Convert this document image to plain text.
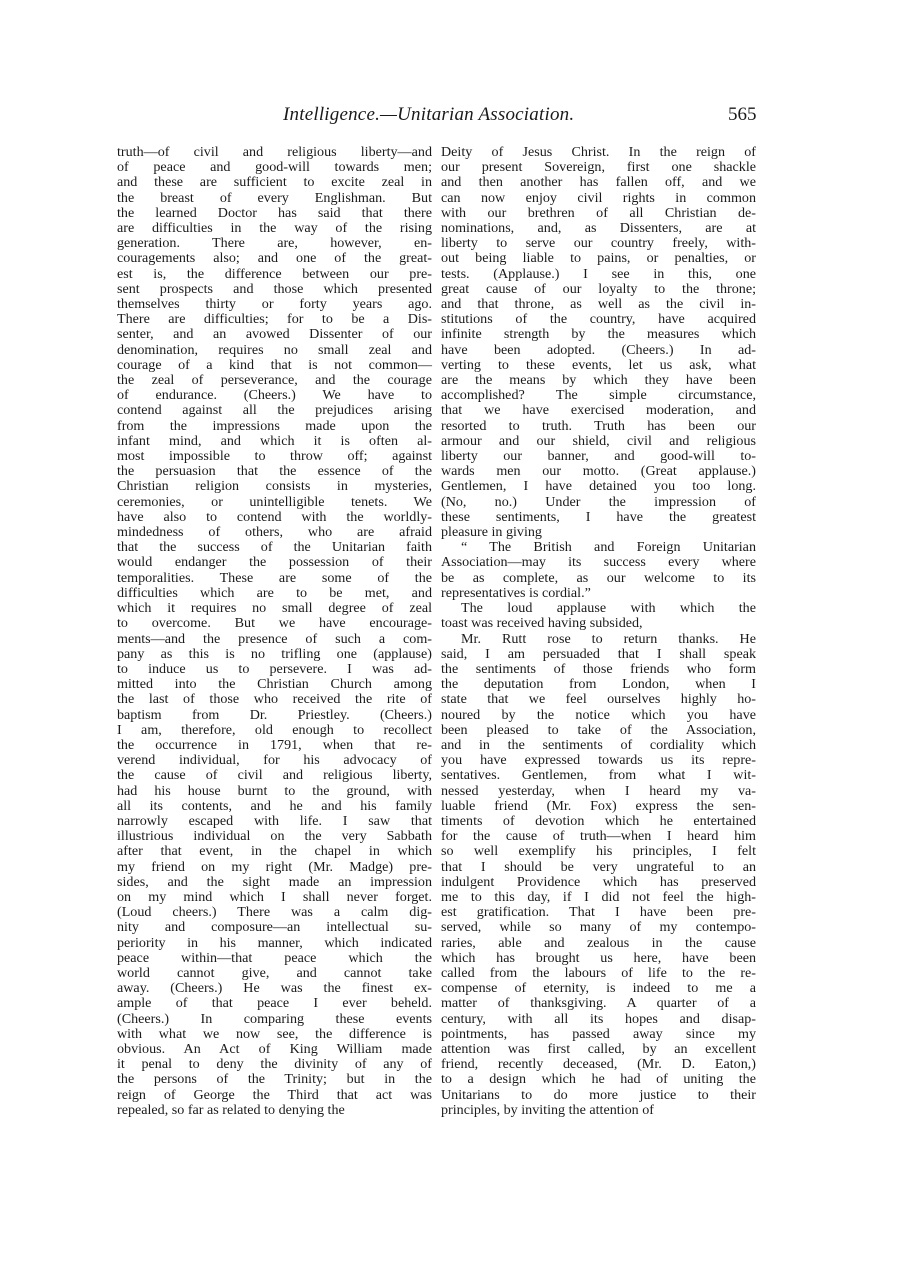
Intelligence.—Unitarian Association.	565

truth—of civil and religious liberty—and

of peace and good-will towards men;

and these are sufficient to excite zeal in

the breast of every Englishman. But

the learned Doctor has said that there

are difficulties in the way of the rising

generation. There are, however, en-

couragements also; and one of the great-

est is, the difference between our pre-

sent prospects and those which presented

themselves thirty or forty years ago.

There are difficulties; for to be a Dis-

senter, and an avowed Dissenter of our

denomination, requires no small zeal and

courage of a kind that is not common—

the zeal of perseverance, and the courage

of endurance. (Cheers.) We have to

contend against all the prejudices arising

from the impressions made upon the

infant mind, and which it is often al-

most impossible to throw off; against

the persuasion that the essence of the

Christian religion consists in mysteries,

ceremonies, or unintelligible tenets. We

have also to contend with the worldly-

mindedness of others, who are afraid

that the success of the Unitarian faith

would endanger the possession of their

temporalities. These are some of the

difficulties which are to be met, and

which it requires no small degree of zeal

to overcome. But we have encourage-

ments—and the presence of such a com-

pany as this is no trifling one (applause)

to induce us to persevere. I was ad-

mitted into the Christian Church among

the last of those who received the rite of

baptism from Dr. Priestley. (Cheers.)

I am, therefore, old enough to recollect

the occurrence in 1791, when that re-

verend individual, for his advocacy of

the cause of civil and religious liberty,

had his house burnt to the ground, with

all its contents, and he and his family

narrowly escaped with life. I saw that

illustrious individual on the very Sabbath

after that event, in the chapel in which

my friend on my right (Mr. Madge) pre-

sides, and the sight made an impression

on my mind which I shall never forget.

(Loud cheers.) There was a calm dig-

nity and composure—an intellectual su-

periority in his manner, which indicated

peace within—that peace which the

world cannot give, and cannot take

away. (Cheers.) He was the finest ex-

ample of that peace I ever beheld.

(Cheers.) In comparing these events

with what we now see, the difference is

obvious. An Act of King William made

it penal to deny the divinity of any of

the persons of the Trinity; but in the

reign of George the Third that act was

repealed, so far as related to denying the

Deity of Jesus Christ. In the reign of

our present Sovereign, first one shackle

and then another has fallen off, and we

can now enjoy civil rights in common

with our brethren of all Christian de-

nominations, and, as Dissenters, are at

liberty to serve our country freely, with-

out being liable to pains, or penalties, or

tests. (Applause.) I see in this, one

great cause of our loyalty to the throne;

and that throne, as well as the civil in-

stitutions of the country, have acquired

infinite strength by the measures which

have been adopted. (Cheers.) In ad-

verting to these events, let us ask, what

are the means by which they have been

accomplished? The simple circumstance,

that we have exercised moderation, and

resorted to truth. Truth has been our

armour and our shield, civil and religious

liberty our banner, and good-will to-

wards men our motto. (Great applause.)

Gentlemen, I have detained you too long.

(No, no.) Under the impression of

these sentiments, I have the greatest

pleasure in giving

“ The British and Foreign Unitarian

Association—may its success every where

be as complete, as our welcome to its

representatives is cordial.”

The loud applause with which the

toast was received having subsided,

Mr. Rutt rose to return thanks. He

said, I am persuaded that I shall speak

the sentiments of those friends who form

the deputation from London, when I

state that we feel ourselves highly ho-

noured by the notice which you have

been pleased to take of the Association,

and in the sentiments of cordiality which

you have expressed towards us its repre-

sentatives. Gentlemen, from what I wit-

nessed yesterday, when I heard my va-

luable friend (Mr. Fox) express the sen-

timents of devotion which he entertained

for the cause of truth—when I heard him

so well exemplify his principles, I felt

that I should be very ungrateful to an

indulgent Providence which has preserved

me to this day, if I did not feel the high-

est gratification. That I have been pre-

served, while so many of my contempo-

raries, able and zealous in the cause

which has brought us here, have been

called from the labours of life to the re-

compense of eternity, is indeed to me a

matter of thanksgiving. A quarter of a

century, with all its hopes and disap-

pointments, has passed away since my

attention was first called, by an excellent

friend, recently deceased, (Mr. D. Eaton,)

to a design which he had of uniting the

Unitarians to do more justice to their

principles, by inviting the attention of
